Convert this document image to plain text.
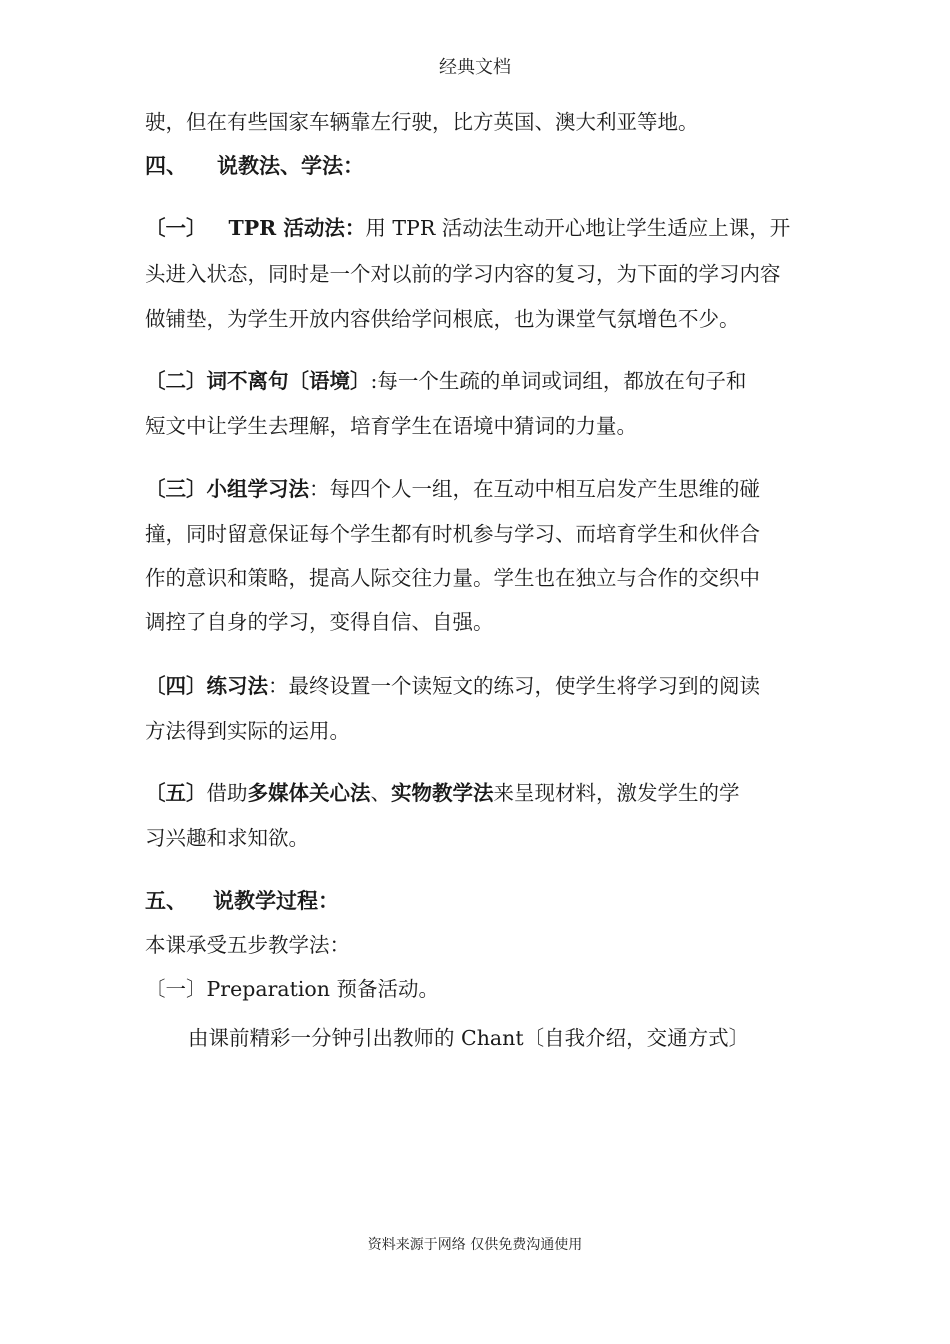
经典文档
驶，但在有些国家车辆靠左行驶，比方英国、澳大利亚等地。
四、 说教法、学法：
〔一〕 TPR 活动法：用 TPR 活动法生动开心地让学生适应上课，开
头进入状态，同时是一个对以前的学习内容的复习，为下面的学习内容
做铺垫，为学生开放内容供给学问根底，也为课堂气氛增色不少。
〔二〕词不离句〔语境〕:每一个生疏的单词或词组，都放在句子和
短文中让学生去理解，培育学生在语境中猜词的力量。
〔三〕小组学习法：每四个人一组，在互动中相互启发产生思维的碰
撞，同时留意保证每个学生都有时机参与学习、而培育学生和伙伴合
作的意识和策略，提高人际交往力量。学生也在独立与合作的交织中
调控了自身的学习，变得自信、自强。
〔四〕练习法：最终设置一个读短文的练习，使学生将学习到的阅读
方法得到实际的运用。
〔五〕借助多媒体关心法、实物教学法来呈现材料，激发学生的学
习兴趣和求知欲。
五、 说教学过程：
本课承受五步教学法：
〔一〕Preparation 预备活动。
由课前精彩一分钟引出教师的 Chant〔自我介绍，交通方式〕
资料来源于网络 仅供免费沟通使用
